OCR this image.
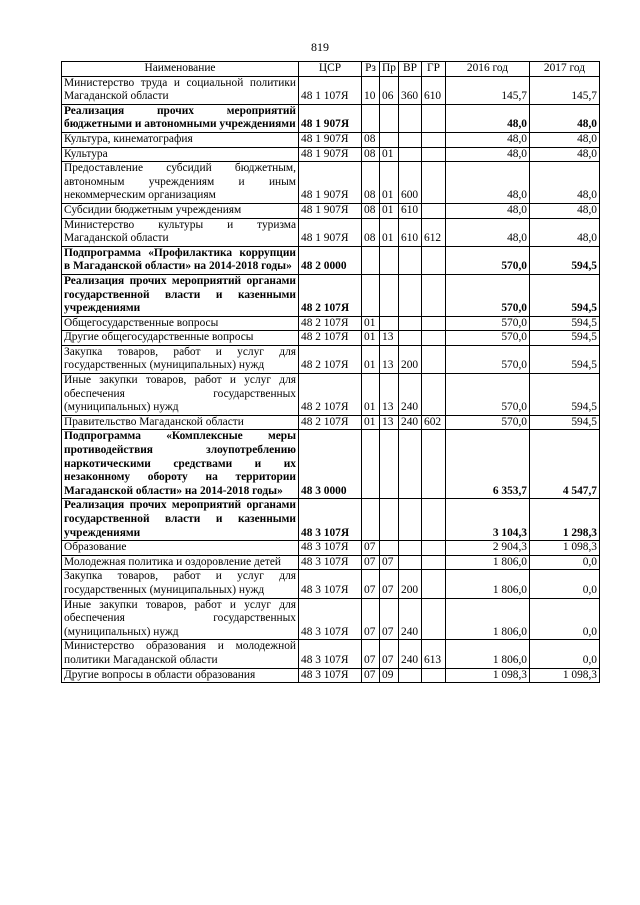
819
Наименование	ЦСР	Рз	Пр	ВР	ГР	2016 год	2017 год
Министерство труда и социальной политики Магаданской области	48 1 107Я	10	06	360	610	145,7	145,7
Реализация прочих мероприятий бюджетными и автономными учреждениями	48 1 907Я					48,0	48,0
Культура, кинематография	48 1 907Я	08				48,0	48,0
Культура	48 1 907Я	08	01			48,0	48,0
Предоставление субсидий бюджетным, автономным учреждениям и иным некоммерческим организациям	48 1 907Я	08	01	600		48,0	48,0
Субсидии бюджетным учреждениям	48 1 907Я	08	01	610		48,0	48,0
Министерство культуры и туризма Магаданской области	48 1 907Я	08	01	610	612	48,0	48,0
Подпрограмма «Профилактика коррупции в Магаданской области» на 2014-2018 годы»	48 2 0000					570,0	594,5
Реализация прочих мероприятий органами государственной власти и казенными учреждениями	48 2 107Я					570,0	594,5
Общегосударственные вопросы	48 2 107Я	01				570,0	594,5
Другие общегосударственные вопросы	48 2 107Я	01	13			570,0	594,5
Закупка товаров, работ и услуг для государственных (муниципальных) нужд	48 2 107Я	01	13	200		570,0	594,5
Иные закупки товаров, работ и услуг для обеспечения государственных (муниципальных) нужд	48 2 107Я	01	13	240		570,0	594,5
Правительство Магаданской области	48 2 107Я	01	13	240	602	570,0	594,5
Подпрограмма «Комплексные меры противодействия злоупотреблению наркотическими средствами и их незаконному обороту на территории Магаданской области» на 2014-2018 годы»	48 3 0000					6 353,7	4 547,7
Реализация прочих мероприятий органами государственной власти и казенными учреждениями	48 3 107Я					3 104,3	1 298,3
Образование	48 3 107Я	07				2 904,3	1 098,3
Молодежная политика и оздоровление детей	48 3 107Я	07	07			1 806,0	0,0
Закупка товаров, работ и услуг для государственных (муниципальных) нужд	48 3 107Я	07	07	200		1 806,0	0,0
Иные закупки товаров, работ и услуг для обеспечения государственных (муниципальных) нужд	48 3 107Я	07	07	240		1 806,0	0,0
Министерство образования и молодежной политики Магаданской области	48 3 107Я	07	07	240	613	1 806,0	0,0
Другие вопросы в области образования	48 3 107Я	07	09			1 098,3	1 098,3
